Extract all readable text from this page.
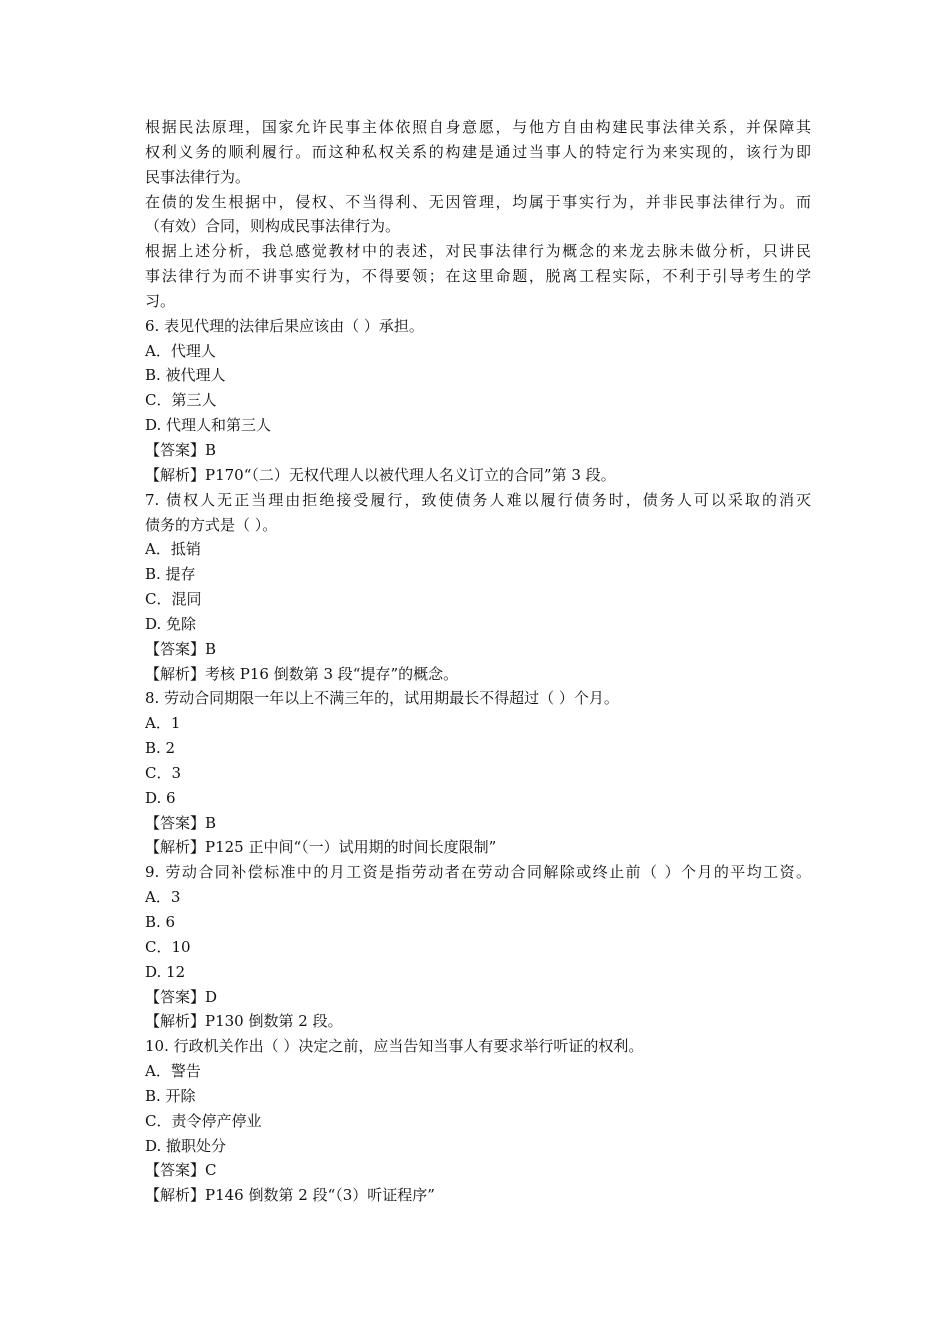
根据民法原理，国家允许民事主体依照自身意愿，与他方自由构建民事法律关系，并保障其
权利义务的顺利履行。而这种私权关系的构建是通过当事人的特定行为来实现的，该行为即
民事法律行为。
在债的发生根据中，侵权、不当得利、无因管理，均属于事实行为，并非民事法律行为。而
（有效）合同，则构成民事法律行为。
根据上述分析，我总感觉教材中的表述，对民事法律行为概念的来龙去脉未做分析，只讲民
事法律行为而不讲事实行为，不得要领；在这里命题，脱离工程实际，不利于引导考生的学
习。
6. 表见代理的法律后果应该由（ ）承担。
A．代理人
B. 被代理人
C．第三人
D. 代理人和第三人
【答案】B
【解析】P170“（二）无权代理人以被代理人名义订立的合同”第 3 段。
7. 债权人无正当理由拒绝接受履行，致使债务人难以履行债务时，债务人可以采取的消灭
债务的方式是（ ）。
A．抵销
B. 提存
C．混同
D. 免除
【答案】B
【解析】考核 P16 倒数第 3 段“提存”的概念。
8. 劳动合同期限一年以上不满三年的，试用期最长不得超过（ ）个月。
A．1
B. 2
C．3
D. 6
【答案】B
【解析】P125 正中间“（一）试用期的时间长度限制”
9. 劳动合同补偿标准中的月工资是指劳动者在劳动合同解除或终止前（ ）个月的平均工资。
A．3
B. 6
C．10
D. 12
【答案】D
【解析】P130 倒数第 2 段。
10. 行政机关作出（ ）决定之前，应当告知当事人有要求举行听证的权利。
A．警告
B. 开除
C．责令停产停业
D. 撤职处分
【答案】C
【解析】P146 倒数第 2 段“（3）听证程序”
